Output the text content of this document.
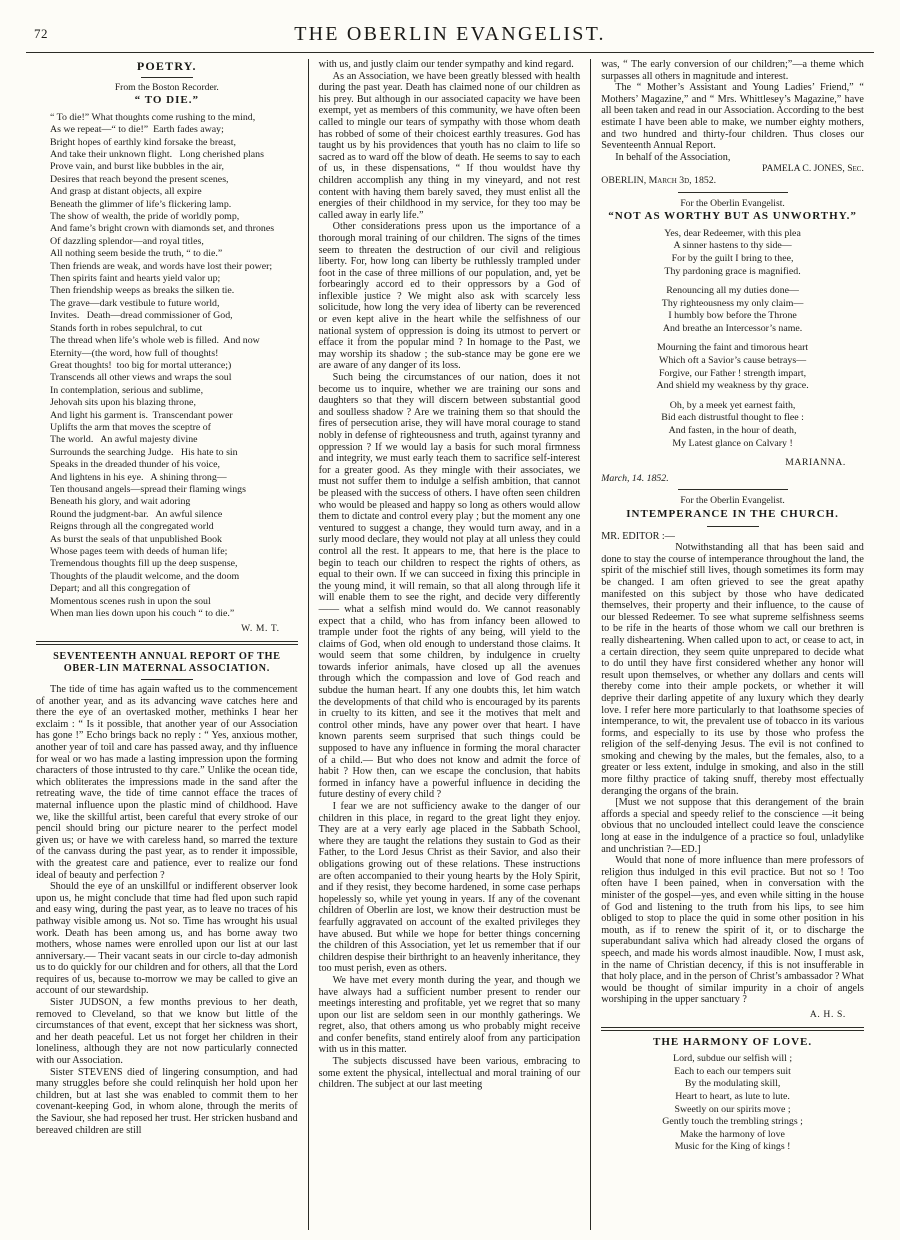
72	THE OBERLIN EVANGELIST.
POETRY.
From the Boston Recorder.
“ TO DIE.”
“ To die!” What thoughts come rushing to the mind,
As we repeat—“ to die!”  Earth fades away;
Bright hopes of earthly kind forsake the breast,
And take their unknown flight.   Long cherished plans
Prove vain, and burst like bubbles in the air,
Desires that reach beyond the present scenes,
And grasp at distant objects, all expire
Beneath the glimmer of life’s flickering lamp.
The show of wealth, the pride of worldly pomp,
And fame’s bright crown with diamonds set, and thrones
Of dazzling splendor—and royal titles,
All nothing seem beside the truth, “ to die.”
Then friends are weak, and words have lost their power;
Then spirits faint and hearts yield valor up;
Then friendship weeps as breaks the silken tie.
The grave—dark vestibule to future world,
Invites.   Death—dread commissioner of God,
Stands forth in robes sepulchral, to cut
The thread when life’s whole web is filled.  And now
Eternity—(the word, how full of thoughts!
Great thoughts!  too big for mortal utterance;)
Transcends all other views and wraps the soul
In contemplation, serious and sublime,
Jehovah sits upon his blazing throne,
And light his garment is.  Transcendant power
Uplifts the arm that moves the sceptre of
The world.   An awful majesty divine
Surrounds the searching Judge.   His hate to sin
Speaks in the dreaded thunder of his voice,
And lightens in his eye.   A shining throng—
Ten thousand angels—spread their flaming wings
Beneath his glory, and wait adoring
Round the judgment-bar.   An awful silence
Reigns through all the congregated world
As burst the seals of that unpublished Book
Whose pages teem with deeds of human life;
Tremendous thoughts fill up the deep suspense,
Thoughts of the plaudit welcome, and the doom
Depart; and all this congregation of
Momentous scenes rush in upon the soul
When man lies down upon his couch “ to die.”
W. M. T.
SEVENTEENTH ANNUAL REPORT OF THE OBER-LIN MATERNAL ASSOCIATION.

The tide of time has again wafted us to the commencement of another year, and as its advancing wave catches here and there the eye of an overtasked mother, methinks I hear her exclaim : “ Is it possible, that another year of our Association has gone !” Echo brings back no reply : “ Yes, anxious mother, another year of toil and care has passed away, and thy influence for weal or wo has made a lasting impression upon the forming characters of those intrusted to thy care.” Unlike the ocean tide, which obliterates the impressions made in the sand after the retreating wave, the tide of time cannot efface the traces of maternal influence upon the plastic mind of childhood. Have we, like the skillful artist, been careful that every stroke of our pencil should bring our picture nearer to the perfect model given us; or have we with careless hand, so marred the texture of the canvass during the past year, as to render it impossible, with the greatest care and patience, ever to realize our fond ideal of beauty and perfection ?

Should the eye of an unskillful or indifferent observer look upon us, he might conclude that time had fled upon such rapid and easy wing, during the past year, as to leave no traces of his pathway visible among us. Not so. Time has wrought his usual work. Death has been among us, and has borne away two mothers, whose names were enrolled upon our list at our last anniversary.— Their vacant seats in our circle to-day admonish us to do quickly for our children and for others, all that the Lord requires of us, because to-morrow we may be called to give an account of our stewardship.

Sister JUDSON, a few months previous to her death, removed to Cleveland, so that we know but little of the circumstances of that event, except that her sickness was short, and her death peaceful. Let us not forget her children in their loneliness, although they are not now particularly connected with our Association.

Sister STEVENS died of lingering consumption, and had many struggles before she could relinquish her hold upon her children, but at last she was enabled to commit them to her covenant-keeping God, in whom alone, through the merits of the Saviour, she had reposed her trust. Her stricken husband and bereaved children are still

with us, and justly claim our tender sympathy and kind regard.

As an Association, we have been greatly blessed with health during the past year. Death has claimed none of our children as his prey. But although in our associated capacity we have been exempt, yet as members of this community, we have often been called to mingle our tears of sympathy with those whom death has robbed of some of their choicest earthly treasures. God has taught us by his providences that youth has no claim to life so sacred as to ward off the blow of death. He seems to say to each of us, in these dispensations, “ If thou wouldst have thy children accomplish any thing in my vineyard, and not rest content with having them barely saved, they must enlist all the energies of their childhood in my service, for they too may be called away in early life.”

Other considerations press upon us the importance of a thorough moral training of our children. The signs of the times seem to threaten the destruction of our civil and religious liberty. For, how long can liberty be ruthlessly trampled under foot in the case of three millions of our population, and, yet be forbearingly accord ed to their oppressors by a God of inflexible justice ? We might also ask with scarcely less solicitude, how long the very idea of liberty can be reverenced or even kept alive in the heart while the selfishness of our national system of oppression is doing its utmost to pervert or efface it from the popular mind ? In homage to the Past, we may worship its shadow ; the sub-stance may be gone ere we are aware of any danger of its loss.

Such being the circumstances of our nation, does it not become us to inquire, whether we are training our sons and daughters so that they will discern between substantial good and soulless shadow ? Are we training them so that should the fires of persecution arise, they will have moral courage to stand nobly in defense of righteousness and truth, against tyranny and oppression ? If we would lay a basis for such moral firmness and integrity, we must early teach them to sacrifice self-interest for a greater good. As they mingle with their associates, we must not suffer them to indulge a selfish ambition, that cannot be pleased with the success of others. I have often seen children who would be pleased and happy so long as others would allow them to dictate and control every play ; but the moment any one ventured to suggest a change, they would turn away, and in a surly mood declare, they would not play at all unless they could control all the rest. It appears to me, that here is the place to begin to teach our children to respect the rights of others, as equal to their own. If we can succeed in fixing this principle in the young mind, it will remain, so that all along through life it will enable them to see the right, and decide very differently —— what a selfish mind would do. We cannot reasonably expect that a child, who has from infancy been allowed to trample under foot the rights of any being, will yield to the claims of God, when old enough to understand those claims. It would seem that some children, by indulgence in cruelty towards inferior animals, have closed up all the avenues through which the compassion and love of God reach and subdue the human heart. If any one doubts this, let him watch the developments of that child who is encouraged by its parents in cruelty to its kitten, and see it the motives that melt and control other minds, have any power over that heart. I have known parents seem surprised that such things could be supposed to have any influence in forming the moral character of a child.— But who does not know and admit the force of habit ? How then, can we escape the conclusion, that habits formed in infancy have a powerful influence in deciding the future destiny of every child ?

I fear we are not sufficiency awake to the danger of our children in this place, in regard to the great light they enjoy. They are at a very early age placed in the Sabbath School, where they are taught the relations they sustain to God as their Father, to the Lord Jesus Christ as their Savior, and also their obligations growing out of these relations. These instructions are often accompanied to their young hearts by the Holy Spirit, and if they resist, they become hardened, in some case perhaps hopelessly so, while yet young in years. If any of the covenant children of Oberlin are lost, we know their destruction must be fearfully aggravated on account of the exalted privileges they have abused. But while we hope for better things concerning the children of this Association, yet let us remember that if our children despise their birthright to an heavenly inheritance, they too must perish, even as others.

We have met every month during the year, and though we have always had a sufficient number present to render our meetings interesting and profitable, yet we regret that so many upon our list are seldom seen in our monthly gatherings. We regret, also, that others among us who probably might receive and confer benefits, stand entirely aloof from any participation with us in this matter.

The subjects discussed have been various, embracing to some extent the physical, intellectual and moral training of our children. The subject at our last meeting

was, “ The early conversion of our children;”—a theme which surpasses all others in magnitude and interest.

The “ Mother’s Assistant and Young Ladies’ Friend,” “ Mothers’ Magazine,” and “ Mrs. Whittlesey’s Magazine,” have all been taken and read in our Association. According to the best estimate I have been able to make, we number eighty mothers, and two hundred and thirty-four children. Thus closes our Seventeenth Annual Report.

In behalf of the Association,

PAMELA C. JONES, Sec.
OBERLIN, March 3d, 1852.
For the Oberlin Evangelist.
“NOT AS WORTHY BUT AS UNWORTHY.”
Yes, dear Redeemer, with this plea
A sinner hastens to thy side—
For by the guilt I bring to thee,
Thy pardoning grace is magnified.
Renouncing all my duties done—
Thy righteousness my only claim—
I humbly bow before the Throne
And breathe an Intercessor’s name.
Mourning the faint and timorous heart
Which oft a Savior’s cause betrays—
Forgive, our Father ! strength impart,
And shield my weakness by thy grace.
Oh, by a meek yet earnest faith,
Bid each distrustful thought to flee :
And fasten, in the hour of death,
My Latest glance on Calvary !
MARIANNA.
March, 14. 1852.
For the Oberlin Evangelist.
INTEMPERANCE IN THE CHURCH.

MR. EDITOR :—

Notwithstanding all that has been said and done to stay the course of intemperance throughout the land, the spirit of the mischief still lives, though sometimes its form may be changed. I am often grieved to see the great apathy manifested on this subject by those who have dedicated themselves, their property and their influence, to the cause of our blessed Redeemer. To see what supreme selfishness seems to be rife in the hearts of those whom we call our brethren is really disheartening. When called upon to act, or cease to act, in a certain direction, they seem quite unprepared to decide what to do until they have first considered whether any honor will result upon themselves, or whether any dollars and cents will thereby come into their ample pockets, or whether it will deprive their darling appetite of any luxury which they dearly love. I refer here more particularly to that loathsome species of intemperance, to wit, the prevalent use of tobacco in its various forms, and especially to its use by those who profess the religion of the self-denying Jesus. The evil is not confined to smoking and chewing by the males, but the females, also, to a greater or less extent, indulge in smoking, and also in the still more filthy practice of taking snuff, thereby most effectually deranging the organs of the brain.

[Must we not suppose that this derangement of the brain affords a special and speedy relief to the conscience —it being obvious that no unclouded intellect could leave the conscience long at ease in the indulgence of a practice so foul, unladylike and unchristian ?—ED.]

Would that none of more influence than mere professors of religion thus indulged in this evil practice. But not so ! Too often have I been pained, when in conversation with the minister of the gospel—yes, and even while sitting in the house of God and listening to the truth from his lips, to see him obliged to stop to place the quid in some other position in his mouth, as if to renew the spirit of it, or to discharge the superabundant saliva which had already closed the organs of speech, and made his words almost inaudible. Now, I must ask, in the name of Christian decency, if this is not insufferable in that holy place, and in the person of Christ’s ambassador ? What would be thought of similar impurity in a choir of angels worshiping in the upper sanctuary ?

A. H. S.
THE HARMONY OF LOVE.
Lord, subdue our selfish will ;
Each to each our tempers suit
By the modulating skill,
Heart to heart, as lute to lute.
Sweetly on our spirits move ;
Gently touch the trembling strings ;
Make the harmony of love
Music for the King of kings !
